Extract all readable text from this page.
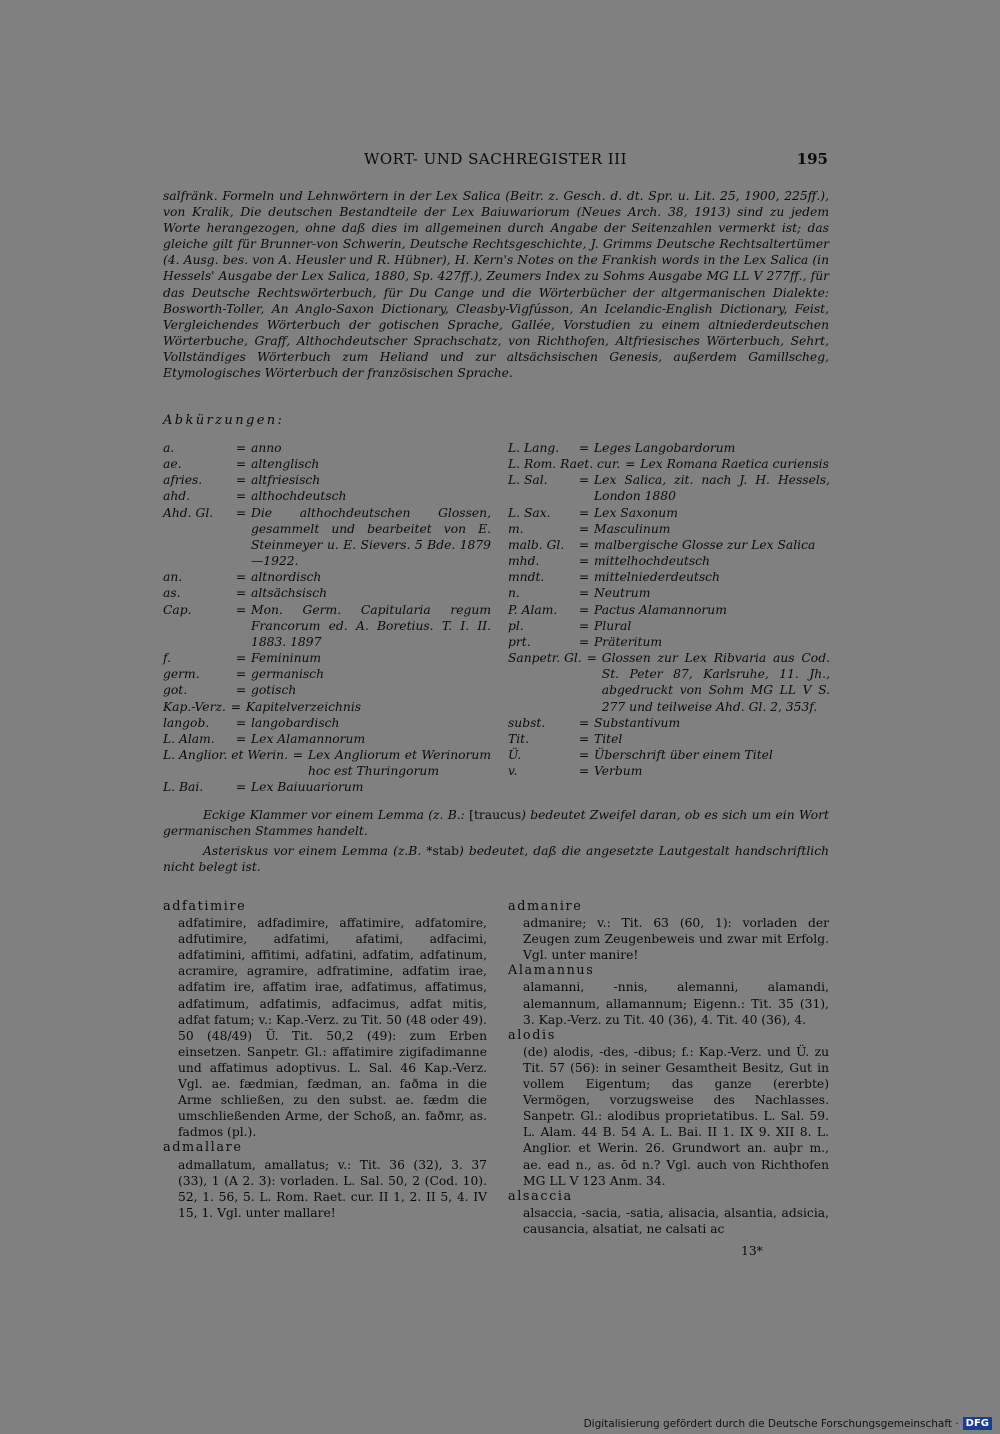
WORT- UND SACHREGISTER III	195

salfränk. Formeln und Lehnwörtern in der Lex Salica (Beitr. z. Gesch. d. dt. Spr. u. Lit. 25, 1900, 225ff.), von Kralik, Die deutschen Bestandteile der Lex Baiuwariorum (Neues Arch. 38, 1913) sind zu jedem Worte herangezogen, ohne daß dies im allgemeinen durch Angabe der Seitenzahlen vermerkt ist; das gleiche gilt für Brunner-von Schwerin, Deutsche Rechtsgeschichte, J. Grimms Deutsche Rechtsaltertümer (4. Ausg. bes. von A. Heusler und R. Hübner), H. Kern's Notes on the Frankish words in the Lex Salica (in Hessels' Ausgabe der Lex Salica, 1880, Sp. 427ff.), Zeumers Index zu Sohms Ausgabe MG LL V 277ff., für das Deutsche Rechtswörterbuch, für Du Cange und die Wörterbücher der altgermanischen Dialekte: Bosworth-Toller, An Anglo-Saxon Dictionary, Cleasby-Vigfússon, An Icelandic-English Dictionary, Feist, Vergleichendes Wörterbuch der gotischen Sprache, Gallée, Vorstudien zu einem altniederdeutschen Wörterbuche, Graff, Althochdeutscher Sprachschatz, von Richthofen, Altfriesisches Wörterbuch, Sehrt, Vollständiges Wörterbuch zum Heliand und zur altsächsischen Genesis, außerdem Gamillscheg, Etymologisches Wörterbuch der französischen Sprache.

Abkürzungen:
a.	= anno
ae.	= altenglisch
afries.	= altfriesisch
ahd.	= althochdeutsch
Ahd. Gl.	= Die althochdeutschen Glossen, gesammelt und bearbeitet von E. Steinmeyer u. E. Sievers. 5 Bde. 1879—1922.
an.	= altnordisch
as.	= altsächsisch
Cap.	= Mon. Germ. Capitularia regum Francorum ed. A. Boretius. T. I. II. 1883. 1897
f.	= Femininum
germ.	= germanisch
got.	= gotisch
Kap.-Verz. = Kapitelverzeichnis
langob.	= langobardisch
L. Alam.	= Lex Alamannorum
L. Anglior. et Werin. = Lex Angliorum et Werinorum hoc est Thuringorum
L. Bai.	= Lex Baiuuariorum
L. Lang.	= Leges Langobardorum
L. Rom. Raet. cur. = Lex Romana Raetica curiensis
L. Sal.	= Lex Salica, zit. nach J. H. Hessels, London 1880
L. Sax.	= Lex Saxonum
m.	= Masculinum
malb. Gl.	= malbergische Glosse zur Lex Salica
mhd.	= mittelhochdeutsch
mndt.	= mittelniederdeutsch
n.	= Neutrum
P. Alam.	= Pactus Alamannorum
pl.	= Plural
prt.	= Präteritum
Sanpetr. Gl. = Glossen zur Lex Ribvaria aus Cod. St. Peter 87, Karlsruhe, 11. Jh., abgedruckt von Sohm MG LL V S. 277 und teilweise Ahd. Gl. 2, 353f.
subst.	= Substantivum
Tit.	= Titel
Ü.	= Überschrift über einem Titel
v.	= Verbum

Eckige Klammer vor einem Lemma (z. B.: [traucus) bedeutet Zweifel daran, ob es sich um ein Wort germanischen Stammes handelt.

Asteriskus vor einem Lemma (z.B. *stab) bedeutet, daß die angesetzte Lautgestalt handschriftlich nicht belegt ist.

adfatimire
adfatimire, adfadimire, affatimire, adfatomire, adfutimire, adfatimi, afatimi, adfacimi, adfatimini, affitimi, adfatini, adfatim, adfatinum, acramire, agramire, adfratimine, adfatim irae, adfatim ire, affatim irae, adfatimus, affatimus, adfatimum, adfatimis, adfacimus, adfat mitis, adfat fatum; v.: Kap.-Verz. zu Tit. 50 (48 oder 49). 50 (48/49) Ü. Tit. 50,2 (49): zum Erben einsetzen. Sanpetr. Gl.: affatimire zigifadimanne und affatimus adoptivus. L. Sal. 46 Kap.-Verz. Vgl. ae. fædmian, fædman, an. faðma in die Arme schließen, zu den subst. ae. fædm die umschließenden Arme, der Schoß, an. faðmr, as. fadmos (pl.).
admallare
admallatum, amallatus; v.: Tit. 36 (32), 3. 37 (33), 1 (A 2. 3): vorladen. L. Sal. 50, 2 (Cod. 10). 52, 1. 56, 5. L. Rom. Raet. cur. II 1, 2. II 5, 4. IV 15, 1. Vgl. unter mallare!
admanire
admanire; v.: Tit. 63 (60, 1): vorladen der Zeugen zum Zeugenbeweis und zwar mit Erfolg. Vgl. unter manire!
Alamannus
alamanni, -nnis, alemanni, alamandi, alemannum, allamannum; Eigenn.: Tit. 35 (31), 3. Kap.-Verz. zu Tit. 40 (36), 4. Tit. 40 (36), 4.
alodis
(de) alodis, -des, -dibus; f.: Kap.-Verz. und Ü. zu Tit. 57 (56): in seiner Gesamtheit Besitz, Gut in vollem Eigentum; das ganze (ererbte) Vermögen, vorzugsweise des Nachlasses. Sanpetr. Gl.: alodibus proprietatibus. L. Sal. 59. L. Alam. 44 B. 54 A. L. Bai. II 1. IX 9. XII 8. L. Anglior. et Werin. 26. Grundwort an. auþr m., ae. ead n., as. ōd n.? Vgl. auch von Richthofen MG LL V 123 Anm. 34.
alsaccia
alsaccia, -sacia, -satia, alisacia, alsantia, adsicia, causancia, alsatiat, ne calsati ac
13*
Digitalisierung gefördert durch die Deutsche Forschungsgemeinschaft · DFG
